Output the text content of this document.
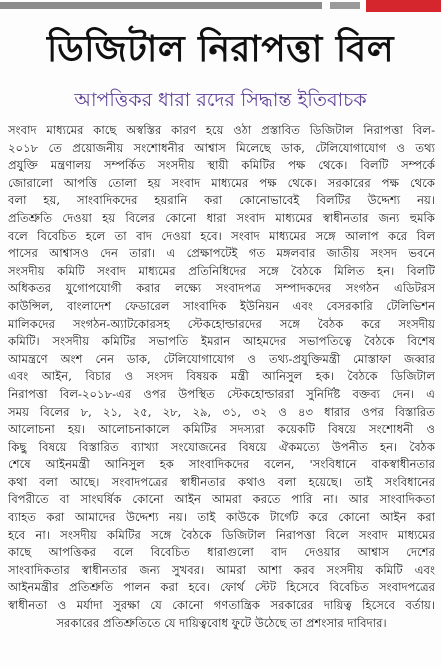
ডিজিটাল নিরাপত্তা বিল
আপত্তিকর ধারা রদের সিদ্ধান্ত ইতিবাচক
সংবাদ মাধ্যমের কাছে অস্বস্তির কারণ হয়ে ওঠা প্রস্তাবিত ডিজিটাল নিরাপত্তা বিল-
২০১৮ তে প্রয়োজনীয় সংশোধনীর আশ্বাস মিলেছে ডাক, টেলিযোগাযোগ ও তথ্য
প্রযুক্তি মন্ত্রণালয় সম্পর্কিত সংসদীয় স্থায়ী কমিটির পক্ষ থেকে। বিলটি সম্পর্কে
জোরালো আপত্তি তোলা হয় সংবাদ মাধ্যমের পক্ষ থেকে। সরকারের পক্ষ থেকে
বলা হয়, সাংবাদিকদের হয়রানি করা কোনোভাবেই বিলটির উদ্দেশ্য নয়।
প্রতিশ্রুতি দেওয়া হয় বিলের কোনো ধারা সংবাদ মাধ্যমের স্বাধীনতার জন্য হুমকি
বলে বিবেচিত হলে তা বাদ দেওয়া হবে। সংবাদ মাধ্যমের সঙ্গে আলাপ করে বিল
পাসের আশ্বাসও দেন তারা। এ প্রেক্ষাপটেই গত মঙ্গলবার জাতীয় সংসদ ভবনে
সংসদীয় কমিটি সংবাদ মাধ্যমের প্রতিনিধিদের সঙ্গে বৈঠকে মিলিত হন। বিলটি
অধিকতর যুগোপযোগী করার লক্ষ্যে সংবাদপত্র সম্পাদকদের সংগঠন এডিটরস
কাউন্সিল, বাংলাদেশ ফেডারেল সাংবাদিক ইউনিয়ন এবং বেসরকারি টেলিভিশন
মালিকদের সংগঠন-অ্যাটকোরসহ স্টেকহোল্ডারদের সঙ্গে বৈঠক করে সংসদীয়
কমিটি। সংসদীয় কমিটির সভাপতি ইমরান আহমদের সভাপতিত্বে বৈঠকে বিশেষ
আমন্ত্রণে অংশ নেন ডাক, টেলিযোগাযোগ ও তথ্য-প্রযুক্তিমন্ত্রী মোস্তাফা জব্বার
এবং আইন, বিচার ও সংসদ বিষয়ক মন্ত্রী আনিসুল হক। বৈঠকে ডিজিটাল
নিরাপত্তা বিল-২০১৮-এর ওপর উপস্থিত স্টেকহোল্ডাররা সুনির্দিষ্ট বক্তব্য দেন। এ
সময় বিলের ৮, ২১, ২৫, ২৮, ২৯, ৩১, ৩২ ও ৪৩ ধারার ওপর বিস্তারিত
আলোচনা হয়। আলোচনাকালে কমিটির সদস্যরা কয়েকটি বিষয়ে সংশোধনী ও
কিছু বিষয়ে বিস্তারিত ব্যাখ্যা সংযোজনের বিষয়ে ঐকমত্যে উপনীত হন। বৈঠক
শেষে আইনমন্ত্রী আনিসুল হক সাংবাদিকদের বলেন, 'সংবিধানে বাকস্বাধীনতার
কথা বলা আছে। সংবাদপত্রের স্বাধীনতার কথাও বলা হয়েছে। তাই সংবিধানের
বিপরীতে বা সাংঘর্ষিক কোনো আইন আমরা করতে পারি না। আর সাংবাদিকতা
ব্যাহত করা আমাদের উদ্দেশ্য নয়। তাই কাউকে টার্গেট করে কোনো আইন করা
হবে না। সংসদীয় কমিটির সঙ্গে বৈঠকে ডিজিটাল নিরাপত্তা বিলে সংবাদ মাধ্যমের
কাছে আপত্তিকর বলে বিবেচিত ধারাগুলো বাদ দেওয়ার আশ্বাস দেশের
সাংবাদিকতার স্বাধীনতার জন্য সুখবর। আমরা আশা করব সংসদীয় কমিটি এবং
আইনমন্ত্রীর প্রতিশ্রুতি পালন করা হবে। ফোর্থ স্টেট হিসেবে বিবেচিত সংবাদপত্রের
স্বাধীনতা ও মর্যাদা সুরক্ষা যে কোনো গণতান্ত্রিক সরকারের দায়িত্ব হিসেবে বর্তায়।
সরকারের প্রতিশ্রুতিতে যে দায়িত্ববোধ ফুটে উঠেছে তা প্রশংসার দাবিদার।
